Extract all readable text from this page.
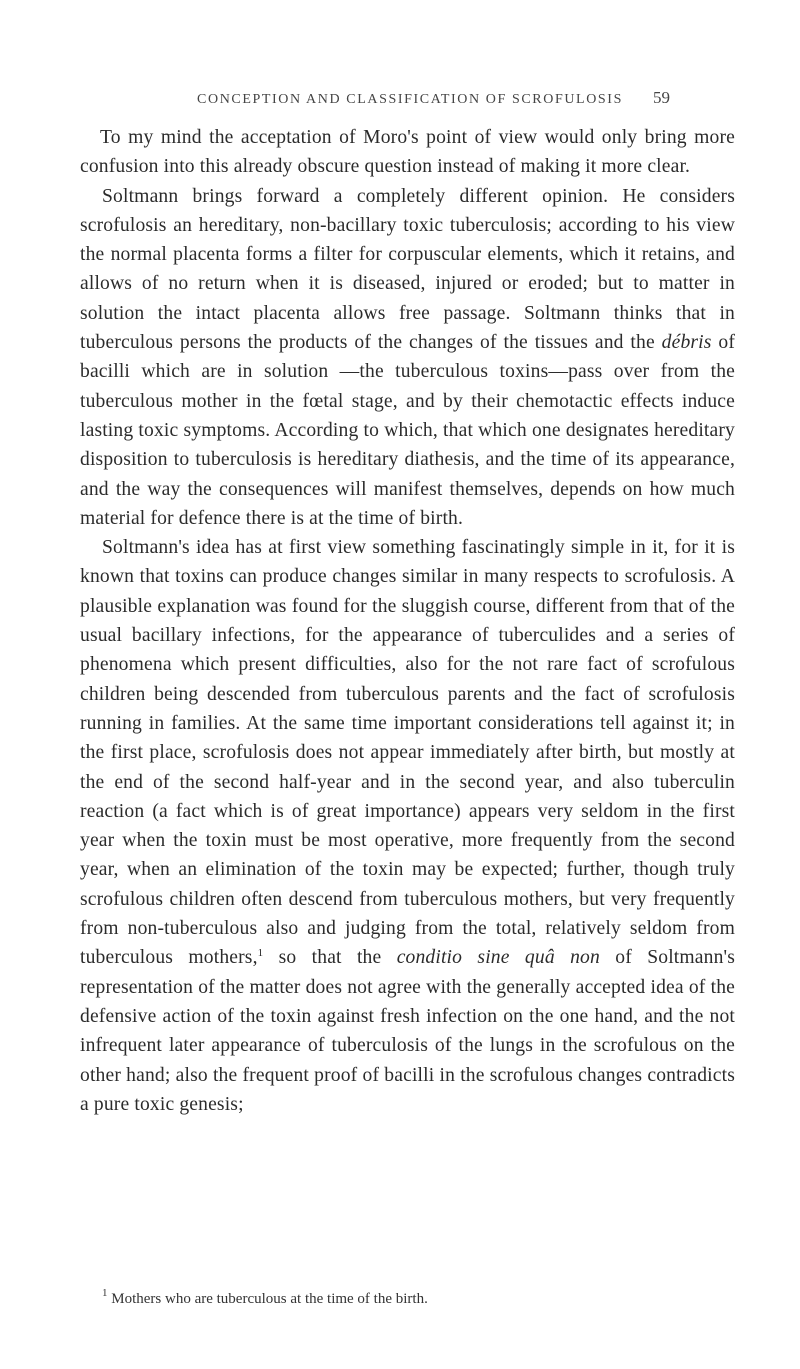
CONCEPTION AND CLASSIFICATION OF SCROFULOSIS	59

To my mind the acceptation of Moro's point of view would only bring more confusion into this already obscure question instead of making it more clear.

Soltmann brings forward a completely different opinion. He considers scrofulosis an hereditary, non-bacillary toxic tuberculosis; according to his view the normal placenta forms a filter for corpuscular elements, which it retains, and allows of no return when it is diseased, injured or eroded; but to matter in solution the intact placenta allows free passage. Soltmann thinks that in tuberculous persons the products of the changes of the tissues and the débris of bacilli which are in solution —the tuberculous toxins—pass over from the tuberculous mother in the fœtal stage, and by their chemotactic effects induce lasting toxic symptoms. According to which, that which one designates hereditary disposition to tuberculosis is hereditary diathesis, and the time of its appearance, and the way the consequences will manifest themselves, depends on how much material for defence there is at the time of birth.

Soltmann's idea has at first view something fascinatingly simple in it, for it is known that toxins can produce changes similar in many respects to scrofulosis. A plausible explanation was found for the sluggish course, different from that of the usual bacillary infections, for the appearance of tuberculides and a series of phenomena which present difficulties, also for the not rare fact of scrofulous children being descended from tuberculous parents and the fact of scrofulosis running in families. At the same time important considerations tell against it; in the first place, scrofulosis does not appear immediately after birth, but mostly at the end of the second half-year and in the second year, and also tuberculin reaction (a fact which is of great importance) appears very seldom in the first year when the toxin must be most operative, more frequently from the second year, when an elimination of the toxin may be expected; further, though truly scrofulous children often descend from tuberculous mothers, but very frequently from non-tuberculous also and judging from the total, relatively seldom from tuberculous mothers,$^1$ so that the conditio sine quâ non of Soltmann's representation of the matter does not agree with the generally accepted idea of the defensive action of the toxin against fresh infection on the one hand, and the not infrequent later appearance of tuberculosis of the lungs in the scrofulous on the other hand; also the frequent proof of bacilli in the scrofulous changes contradicts a pure toxic genesis;

$^1$ Mothers who are tuberculous at the time of the birth.
